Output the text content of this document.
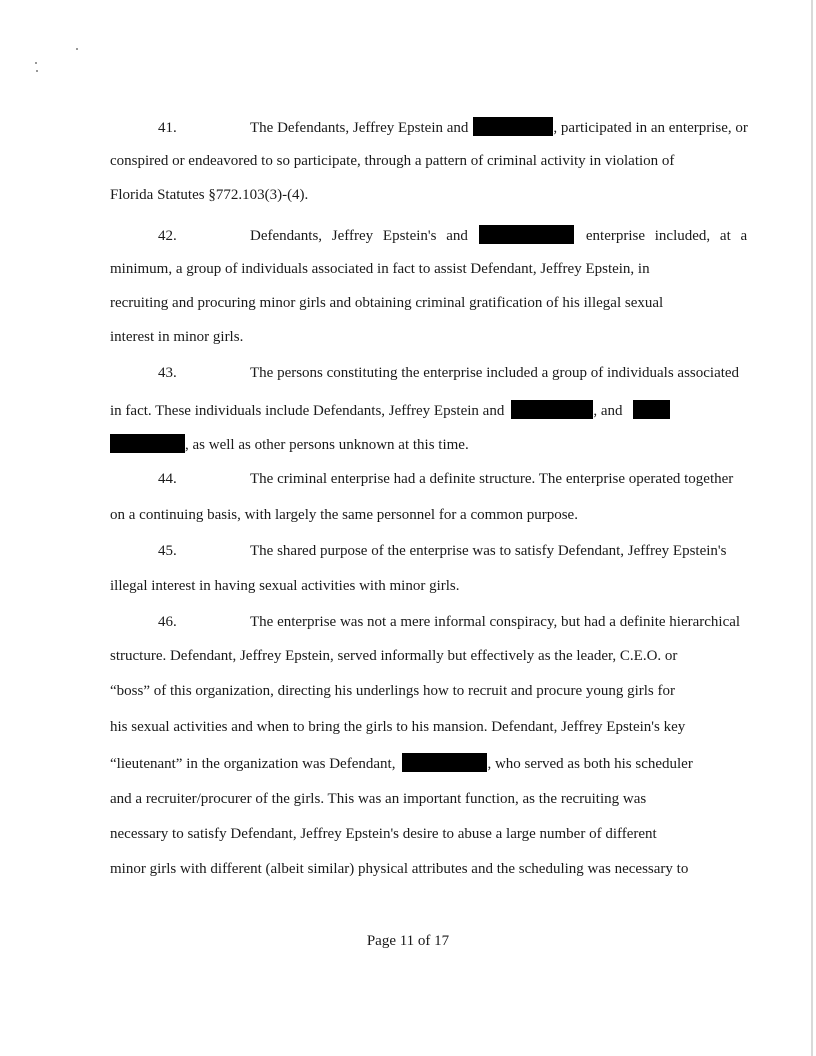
41.	The Defendants, Jeffrey Epstein and	, participated in an enterprise, or
conspired or endeavored to so participate, through a pattern of criminal activity in violation of
Florida Statutes §772.103(3)-(4).
42.	Defendants, Jeffrey Epstein's and	enterprise included, at a
minimum, a group of individuals associated in fact to assist Defendant, Jeffrey Epstein, in
recruiting and procuring minor girls and obtaining criminal gratification of his illegal sexual
interest in minor girls.
43.	The persons constituting the enterprise included a group of individuals associated
in fact. These individuals include Defendants, Jeffrey Epstein and	, and
, as well as other persons unknown at this time.
44.	The criminal enterprise had a definite structure. The enterprise operated together
on a continuing basis, with largely the same personnel for a common purpose.
45.	The shared purpose of the enterprise was to satisfy Defendant, Jeffrey Epstein's
illegal interest in having sexual activities with minor girls.
46.	The enterprise was not a mere informal conspiracy, but had a definite hierarchical
structure. Defendant, Jeffrey Epstein, served informally but effectively as the leader, C.E.O. or
“boss” of this organization, directing his underlings how to recruit and procure young girls for
his sexual activities and when to bring the girls to his mansion. Defendant, Jeffrey Epstein's key
“lieutenant” in the organization was Defendant,	, who served as both his scheduler
and a recruiter/procurer of the girls. This was an important function, as the recruiting was
necessary to satisfy Defendant, Jeffrey Epstein's desire to abuse a large number of different
minor girls with different (albeit similar) physical attributes and the scheduling was necessary to
Page 11 of 17
